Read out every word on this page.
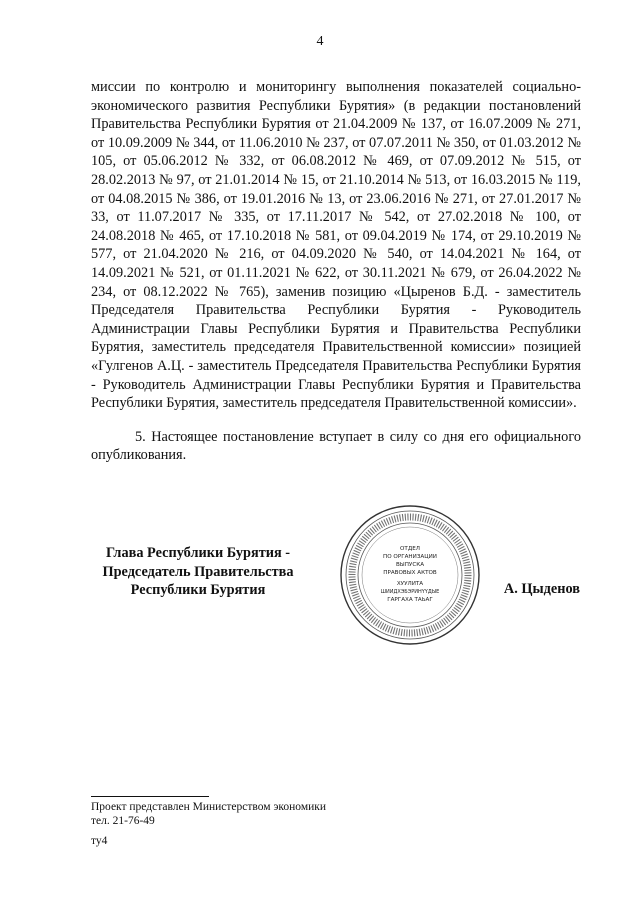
4

миссии по контролю и мониторингу выполнения показателей социально-экономического развития Республики Бурятия» (в редакции постановлений Правительства Республики Бурятия от 21.04.2009 № 137, от 16.07.2009 № 271, от 10.09.2009 № 344, от 11.06.2010 № 237, от 07.07.2011 № 350, от 01.03.2012 № 105, от 05.06.2012 № 332, от 06.08.2012 № 469, от 07.09.2012 № 515, от 28.02.2013 № 97, от 21.01.2014 № 15, от 21.10.2014 № 513, от 16.03.2015 № 119, от 04.08.2015 № 386, от 19.01.2016 № 13, от 23.06.2016 № 271, от 27.01.2017 № 33, от 11.07.2017 № 335, от 17.11.2017 № 542, от 27.02.2018 № 100, от 24.08.2018 № 465, от 17.10.2018 № 581, от 09.04.2019 № 174, от 29.10.2019 № 577, от 21.04.2020 № 216, от 04.09.2020 № 540, от 14.04.2021 № 164, от 14.09.2021 № 521, от 01.11.2021 № 622, от 30.11.2021 № 679, от 26.04.2022 № 234, от 08.12.2022 № 765), заменив позицию «Цыренов Б.Д. - заместитель Председателя Правительства Республики Бурятия - Руководитель Администрации Главы Республики Бурятия и Правительства Республики Бурятия, заместитель председателя Правительственной комиссии» позицией «Гулгенов А.Ц. - заместитель Председателя Правительства Республики Бурятия - Руководитель Администрации Главы Республики Бурятия и Правительства Республики Бурятия, заместитель председателя Правительственной комиссии».

5. Настоящее постановление вступает в силу со дня его официального опубликования.

Глава Республики Бурятия -
Председатель Правительства
Республики Бурятия
ОТДЕЛ
ПО ОРГАНИЗАЦИИ
ВЫПУСКА
ПРАВОВЫХ АКТОВ
ХУУЛИТА
ШИИДХЭБЭРИНҮҮДЫЕ
ГАРГАХА ТАЬАГ
А. Цыденов
Проект представлен Министерством экономики
тел. 21-76-49
ту4
